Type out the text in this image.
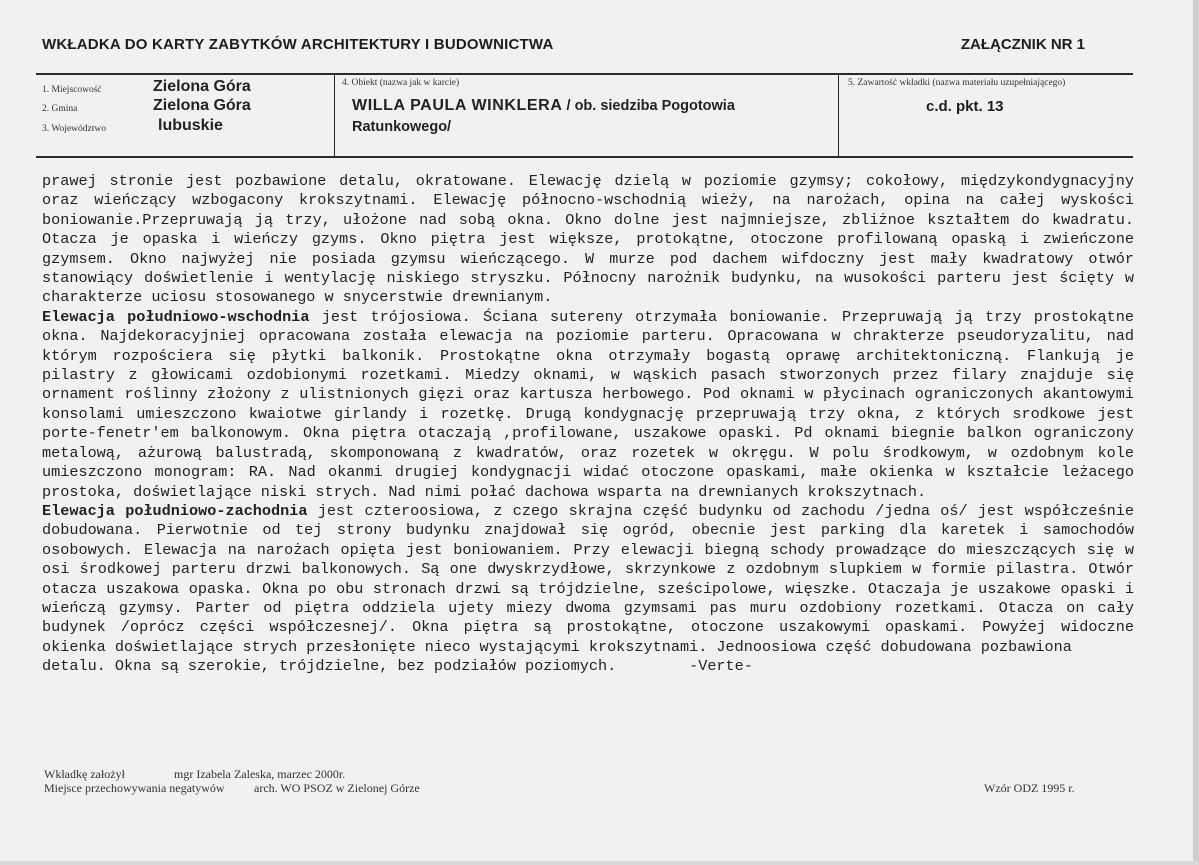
WKŁADKA DO KARTY ZABYTKÓW ARCHITEKTURY I BUDOWNICTWA	ZAŁĄCZNIK NR 1
1. Miejscowość	Zielona Góra
2. Gmina	Zielona Góra
3. Województwo	lubuskie
4. Obiekt (nazwa jak w karcie)
WILLA PAULA WINKLERA / ob. siedziba Pogotowia
Ratunkowego/
5. Zawartość wkładki (nazwa materiału uzupełniającego)
c.d. pkt. 13

prawej stronie jest pozbawione detalu, okratowane. Elewację dzielą w poziomie gzymsy; cokołowy, międzykondygnacyjny oraz wieńczący wzbogacony krokszytnami. Elewację północno-wschodnią wieży, na narożach, opina na całej wyskości boniowanie.Przepruwają ją trzy, ułożone nad sobą okna. Okno dolne jest najmniejsze, zbliżnoe kształtem do kwadratu. Otacza je opaska i wieńczy gzyms. Okno piętra jest większe, protokątne, otoczone profilowaną opaską i zwieńczone gzymsem. Okno najwyżej nie posiada gzymsu wieńczącego. W murze pod dachem wifdoczny jest mały kwadratowy otwór stanowiący doświetlenie i wentylację niskiego stryszku. Północny narożnik budynku, na wusokości parteru jest ścięty w charakterze uciosu stosowanego w snycerstwie drewnianym.

Elewacja południowo-wschodnia jest trójosiowa. Ściana sutereny otrzymała boniowanie. Przepruwają ją trzy prostokątne okna. Najdekoracyjniej opracowana została elewacja na poziomie parteru. Opracowana w chrakterze pseudoryzalitu, nad którym rozpościera się płytki balkonik. Prostokątne okna otrzymały bogastą oprawę architektoniczną. Flankują je pilastry z głowicami ozdobionymi rozetkami. Miedzy oknami, w wąskich pasach stworzonych przez filary znajduje się ornament roślinny złożony z ulistnionych gięzi oraz kartusza herbowego. Pod oknami w płycinach ograniczonych akantowymi konsolami umieszczono kwaiotwe girlandy i rozetkę. Drugą kondygnację przepruwają trzy okna, z których srodkowe jest porte-fenetr'em balkonowym. Okna piętra otaczają ,profilowane, uszakowe opaski. Pd oknami biegnie balkon ograniczony metalową, ażurową balustradą, skomponowaną z kwadratów, oraz rozetek w okręgu. W polu środkowym, w ozdobnym kole umieszczono monogram: RA. Nad okanmi drugiej kondygnacji widać otoczone opaskami, małe okienka w kształcie leżacego prostoka, doświetlające niski strych. Nad nimi połać dachowa wsparta na drewnianych krokszytnach.

Elewacja południowo-zachodnia jest czteroosiowa, z czego skrajna część budynku od zachodu /jedna oś/ jest współcześnie dobudowana. Pierwotnie od tej strony budynku znajdował się ogród, obecnie jest parking dla karetek i samochodów osobowych. Elewacja na narożach opięta jest boniowaniem. Przy elewacji biegną schody prowadzące do mieszczących się w osi środkowej parteru drzwi balkonowych. Są one dwyskrzydłowe, skrzynkowe z ozdobnym slupkiem w formie pilastra. Otwór otacza uszakowa opaska. Okna po obu stronach drzwi są trójdzielne, sześcipolowe, więszke. Otaczaja je uszakowe opaski i wieńczą gzymsy. Parter od piętra oddziela ujety miezy dwoma gzymsami pas muru ozdobiony rozetkami. Otacza on cały budynek /oprócz części współczesnej/. Okna piętra są prostokątne, otoczone uszakowymi opaskami. Powyżej widoczne okienka doświetlające strych przesłonięte nieco wystającymi krokszytnami. Jednoosiowa część dobudowana pozbawiona

detalu. Okna są szerokie, trójdzielne, bez podziałów poziomych.        -Verte-

Wkładkę założył	mgr Izabela Zaleska, marzec 2000r.
Miejsce przechowywania negatywów arch. WO PSOZ w Zielonej Górze	Wzór ODZ 1995 r.
